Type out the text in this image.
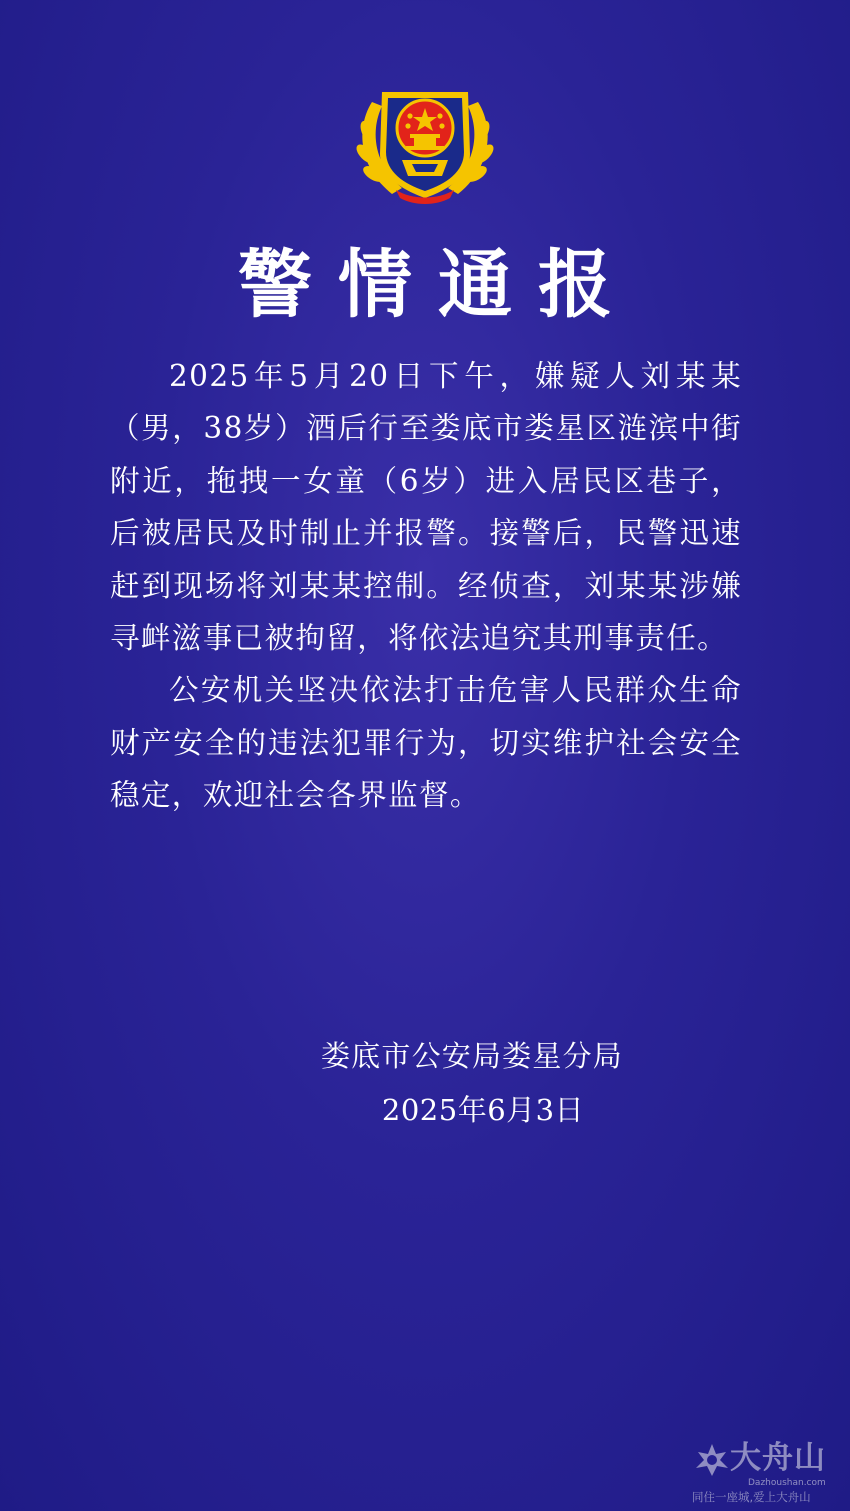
警情通报

2025年5月20日下午，嫌疑人刘某某（男，38岁）酒后行至娄底市娄星区涟滨中街附近，拖拽一女童（6岁）进入居民区巷子，后被居民及时制止并报警。接警后，民警迅速赶到现场将刘某某控制。经侦查，刘某某涉嫌寻衅滋事已被拘留，将依法追究其刑事责任。

公安机关坚决依法打击危害人民群众生命财产安全的违法犯罪行为，切实维护社会安全稳定，欢迎社会各界监督。

娄底市公安局娄星分局
2025年6月3日
大舟山
Dazhoushan.com
同住一座城,爱上大舟山
